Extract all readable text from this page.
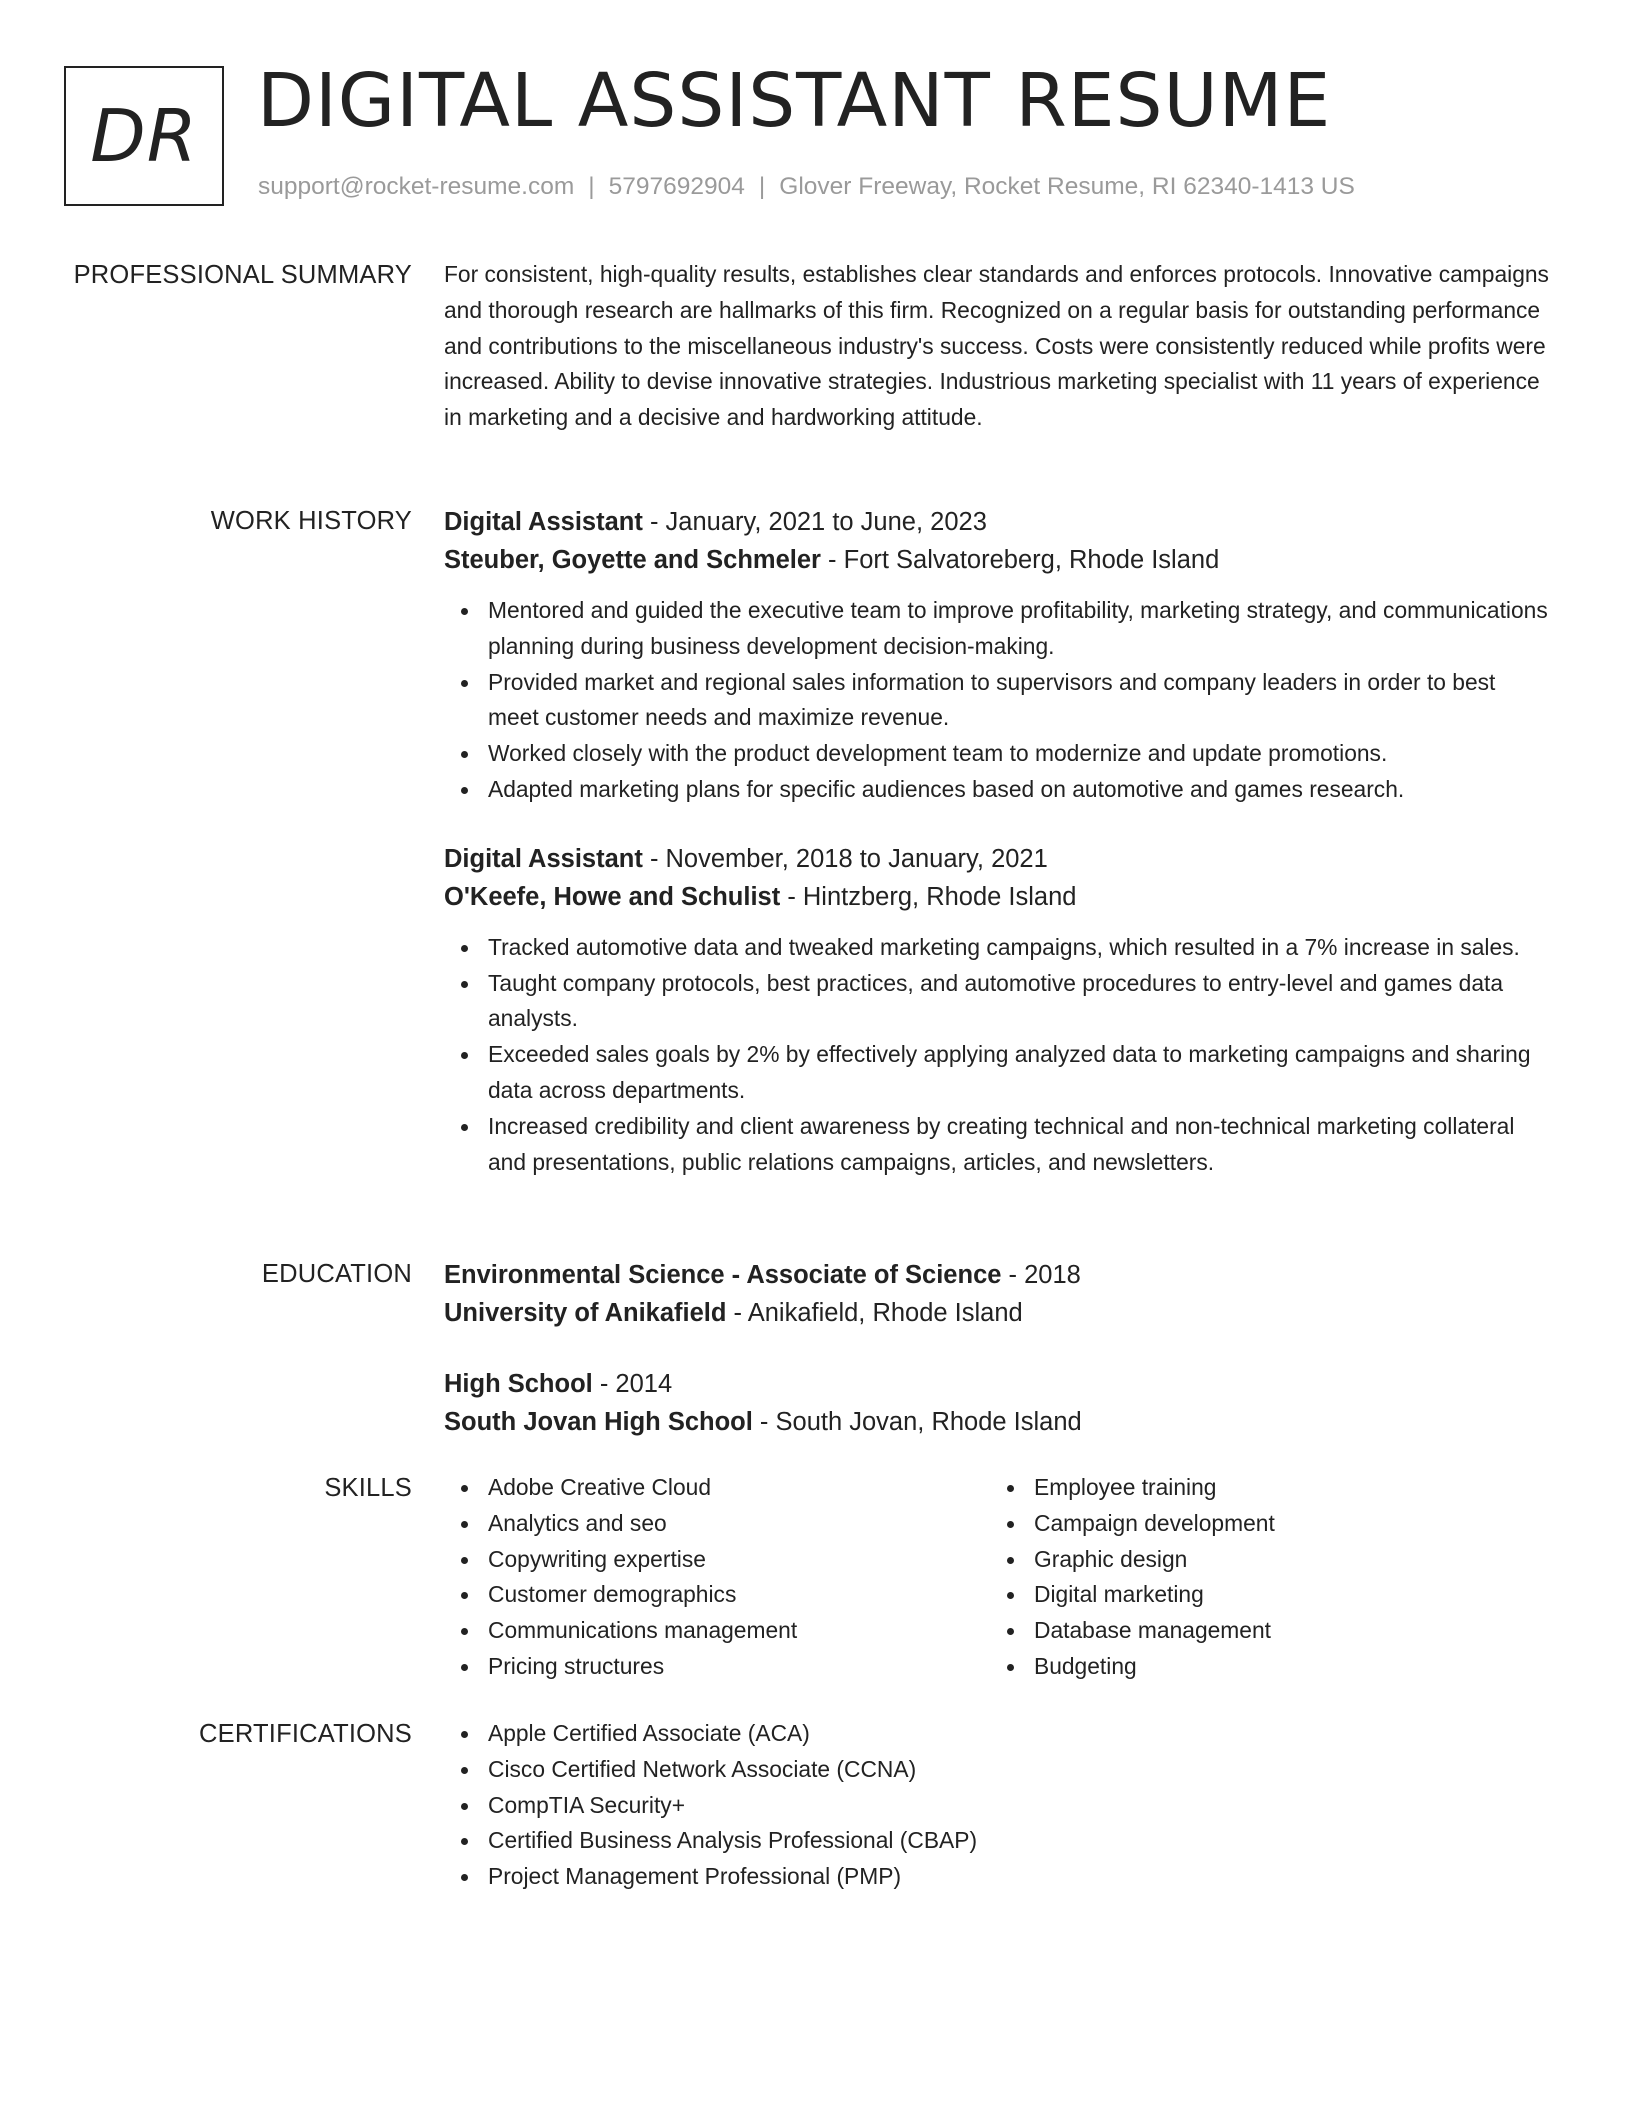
DR DIGITAL ASSISTANT RESUME
support@rocket-resume.com | 5797692904 | Glover Freeway, Rocket Resume, RI 62340-1413 US
PROFESSIONAL SUMMARY For consistent, high-quality results, establishes clear standards and enforces protocols. Innovative campaigns and thorough research are hallmarks of this firm. Recognized on a regular basis for outstanding performance and contributions to the miscellaneous industry's success. Costs were consistently reduced while profits were increased. Ability to devise innovative strategies. Industrious marketing specialist with 11 years of experience in marketing and a decisive and hardworking attitude.

WORK HISTORY Digital Assistant - January, 2021 to June, 2023
Steuber, Goyette and Schmeler - Fort Salvatoreberg, Rhode Island
Mentored and guided the executive team to improve profitability, marketing strategy, and communications planning during business development decision-making.
Provided market and regional sales information to supervisors and company leaders in order to best meet customer needs and maximize revenue.
Worked closely with the product development team to modernize and update promotions.
Adapted marketing plans for specific audiences based on automotive and games research.
Digital Assistant - November, 2018 to January, 2021
O'Keefe, Howe and Schulist - Hintzberg, Rhode Island
Tracked automotive data and tweaked marketing campaigns, which resulted in a 7% increase in sales.
Taught company protocols, best practices, and automotive procedures to entry-level and games data analysts.
Exceeded sales goals by 2% by effectively applying analyzed data to marketing campaigns and sharing data across departments.
Increased credibility and client awareness by creating technical and non-technical marketing collateral and presentations, public relations campaigns, articles, and newsletters.
EDUCATION Environmental Science - Associate of Science - 2018
University of Anikafield - Anikafield, Rhode Island
High School - 2014
South Jovan High School - South Jovan, Rhode Island
SKILLS	Adobe Creative Cloud
Analytics and seo
Copywriting expertise
Customer demographics
Communications management
Pricing structures
Employee training
Campaign development
Graphic design
Digital marketing
Database management
Budgeting
CERTIFICATIONS	Apple Certified Associate (ACA)
Cisco Certified Network Associate (CCNA)
CompTIA Security+
Certified Business Analysis Professional (CBAP)
Project Management Professional (PMP)
